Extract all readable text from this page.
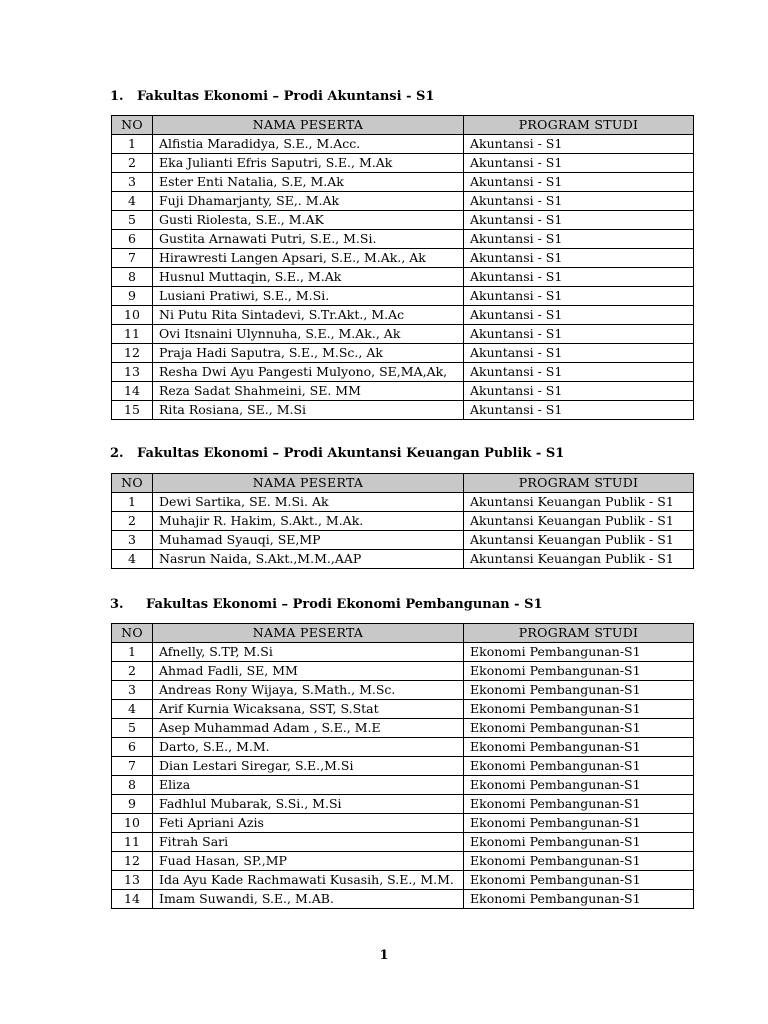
1. Fakultas Ekonomi – Prodi Akuntansi - S1
NO	NAMA PESERTA	PROGRAM STUDI
1	Alfistia Maradidya, S.E., M.Acc.	Akuntansi - S1
2	Eka Julianti Efris Saputri, S.E., M.Ak	Akuntansi - S1
3	Ester Enti Natalia, S.E, M.Ak	Akuntansi - S1
4	Fuji Dhamarjanty, SE,. M.Ak	Akuntansi - S1
5	Gusti Riolesta, S.E., M.AK	Akuntansi - S1
6	Gustita Arnawati Putri, S.E., M.Si.	Akuntansi - S1
7	Hirawresti Langen Apsari, S.E., M.Ak., Ak	Akuntansi - S1
8	Husnul Muttaqin, S.E., M.Ak	Akuntansi - S1
9	Lusiani Pratiwi, S.E., M.Si.	Akuntansi - S1
10	Ni Putu Rita Sintadevi, S.Tr.Akt., M.Ac	Akuntansi - S1
11	Ovi Itsnaini Ulynnuha, S.E., M.Ak., Ak	Akuntansi - S1
12	Praja Hadi Saputra, S.E., M.Sc., Ak	Akuntansi - S1
13	Resha Dwi Ayu Pangesti Mulyono, SE,MA,Ak,	Akuntansi - S1
14	Reza Sadat Shahmeini, SE. MM	Akuntansi - S1
15	Rita Rosiana, SE., M.Si	Akuntansi - S1
2. Fakultas Ekonomi – Prodi Akuntansi Keuangan Publik - S1
NO	NAMA PESERTA	PROGRAM STUDI
1	Dewi Sartika, SE. M.Si. Ak	Akuntansi Keuangan Publik - S1
2	Muhajir R. Hakim, S.Akt., M.Ak.	Akuntansi Keuangan Publik - S1
3	Muhamad Syauqi, SE,MP	Akuntansi Keuangan Publik - S1
4	Nasrun Naida, S.Akt.,M.M.,AAP	Akuntansi Keuangan Publik - S1
3. Fakultas Ekonomi – Prodi Ekonomi Pembangunan - S1
NO	NAMA PESERTA	PROGRAM STUDI
1	Afnelly, S.TP, M.Si	Ekonomi Pembangunan-S1
2	Ahmad Fadli, SE, MM	Ekonomi Pembangunan-S1
3	Andreas Rony Wijaya, S.Math., M.Sc.	Ekonomi Pembangunan-S1
4	Arif Kurnia Wicaksana, SST, S.Stat	Ekonomi Pembangunan-S1
5	Asep Muhammad Adam , S.E., M.E	Ekonomi Pembangunan-S1
6	Darto, S.E., M.M.	Ekonomi Pembangunan-S1
7	Dian Lestari Siregar, S.E.,M.Si	Ekonomi Pembangunan-S1
8	Eliza	Ekonomi Pembangunan-S1
9	Fadhlul Mubarak, S.Si., M.Si	Ekonomi Pembangunan-S1
10	Feti Apriani Azis	Ekonomi Pembangunan-S1
11	Fitrah Sari	Ekonomi Pembangunan-S1
12	Fuad Hasan, SP.,MP	Ekonomi Pembangunan-S1
13	Ida Ayu Kade Rachmawati Kusasih, S.E., M.M.	Ekonomi Pembangunan-S1
14	Imam Suwandi, S.E., M.AB.	Ekonomi Pembangunan-S1
1
